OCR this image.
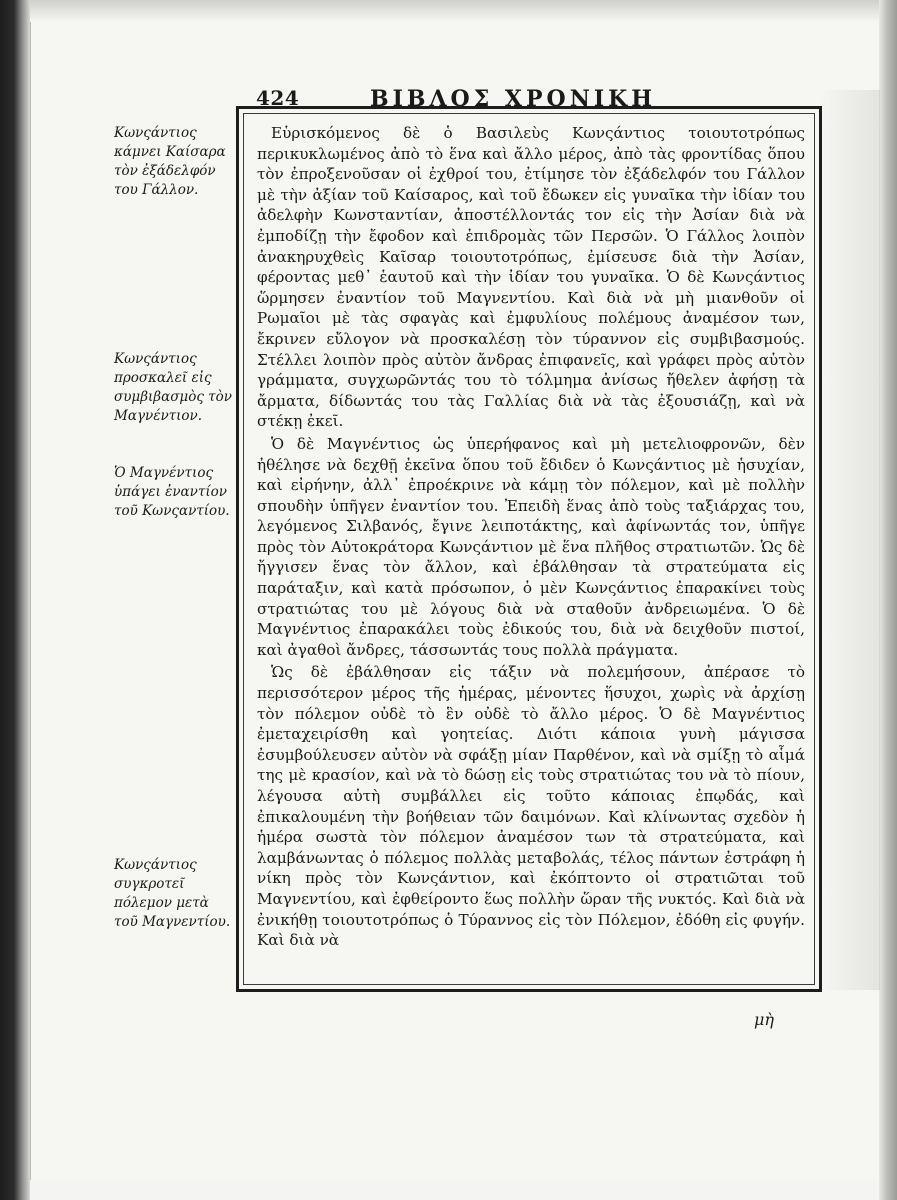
424	ΒΙΒΛΟΣ ΧΡΟΝΙΚΗ

Κωνςάντιος κάμνει Καίσαρα τὸν ἐξάδελφόν του Γάλλον.

Κωνςάντιος προσκαλεῖ εἰς συμβιβασμὸς τὸν Μαγνέντιον.

Ὁ Μαγνέντιος ὑπάγει ἐναντίον τοῦ Κωνςαντίου.

Κωνςάντιος συγκροτεῖ πόλεμον μετὰ τοῦ Μαγνεντίου.

Εὑρισκόμενος δὲ ὁ Βασιλεὺς Κωνςάντιος τοιουτοτρόπως περικυκλωμένος ἀπὸ τὸ ἕνα καὶ ἄλλο μέρος, ἀπὸ τὰς φροντίδας ὅπου τὸν ἐπροξενοῦσαν οἱ ἐχθροί του, ἐτίμησε τὸν ἐξάδελφόν του Γάλλον μὲ τὴν ἀξίαν τοῦ Καίσαρος, καὶ τοῦ ἔδωκεν εἰς γυναῖκα τὴν ἰδίαν του ἀδελφὴν Κωνσταντίαν, ἀποστέλλοντάς τον εἰς τὴν Ἀσίαν διὰ νὰ ἐμποδίζῃ τὴν ἔφοδον καὶ ἐπιδρομὰς τῶν Περσῶν. Ὁ Γάλλος λοιπὸν ἀνακηρυχθεὶς Καῖσαρ τοιουτοτρόπως, ἐμίσευσε διὰ τὴν Ἀσίαν, φέροντας μεθ᾽ ἑαυτοῦ καὶ τὴν ἰδίαν του γυναῖκα. Ὁ δὲ Κωνςάντιος ὥρμησεν ἐναντίον τοῦ Μαγνεντίου. Καὶ διὰ νὰ μὴ μιανθοῦν οἱ Ρωμαῖοι μὲ τὰς σφαγὰς καὶ ἐμφυλίους πολέμους ἀναμέσον των, ἔκρινεν εὔλογον νὰ προσκαλέσῃ τὸν τύραννον εἰς συμβιβασμούς. Στέλλει λοιπὸν πρὸς αὐτὸν ἄνδρας ἐπιφανεῖς, καὶ γράφει πρὸς αὐτὸν γράμματα, συγχωρῶντάς του τὸ τόλμημα ἀνίσως ἤθελεν ἀφήσῃ τὰ ἄρματα, δίδωντάς του τὰς Γαλλίας διὰ νὰ τὰς ἐξουσιάζῃ, καὶ νὰ στέκῃ ἐκεῖ.

Ὁ δὲ Μαγνέντιος ὡς ὑπερήφανος καὶ μὴ μετελιοφρονῶν, δὲν ἠθέλησε νὰ δεχθῇ ἐκεῖνα ὅπου τοῦ ἔδιδεν ὁ Κωνςάντιος μὲ ἡσυχίαν, καὶ εἰρήνην, ἀλλ᾽ ἐπροέκρινε νὰ κάμῃ τὸν πόλεμον, καὶ μὲ πολλὴν σπουδὴν ὑπῆγεν ἐναντίον του. Ἐπειδὴ ἕνας ἀπὸ τοὺς ταξιάρχας του, λεγόμενος Σιλβανός, ἔγινε λειποτάκτης, καὶ ἀφίνωντάς τον, ὑπῆγε πρὸς τὸν Αὐτοκράτορα Κωνςάντιον μὲ ἕνα πλῆθος στρατιωτῶν. Ὡς δὲ ἤγγισεν ἕνας τὸν ἄλλον, καὶ ἐβάλθησαν τὰ στρατεύματα εἰς παράταξιν, καὶ κατὰ πρόσωπον, ὁ μὲν Κωνςάντιος ἐπαρακίνει τοὺς στρατιώτας του μὲ λόγους διὰ νὰ σταθοῦν ἀνδρειωμένα. Ὁ δὲ Μαγνέντιος ἐπαρακάλει τοὺς ἐδικούς του, διὰ νὰ δειχθοῦν πιστοί, καὶ ἀγαθοὶ ἄνδρες, τάσσωντάς τους πολλὰ πράγματα.

Ὡς δὲ ἐβάλθησαν εἰς τάξιν νὰ πολεμήσουν, ἀπέρασε τὸ περισσότερον μέρος τῆς ἡμέρας, μένοντες ἥσυχοι, χωρὶς νὰ ἀρχίσῃ τὸν πόλεμον οὐδὲ τὸ ἓν οὐδὲ τὸ ἄλλο μέρος. Ὁ δὲ Μαγνέντιος ἐμεταχειρίσθη καὶ γοητείας. Διότι κάποια γυνὴ μάγισσα ἐσυμβούλευσεν αὐτὸν νὰ σφάξῃ μίαν Παρθένον, καὶ νὰ σμίξῃ τὸ αἷμά της μὲ κρασίον, καὶ νὰ τὸ δώσῃ εἰς τοὺς στρατιώτας του νὰ τὸ πίουν, λέγουσα αὐτὴ συμβάλλει εἰς τοῦτο κάποιας ἐπῳδάς, καὶ ἐπικαλουμένη τὴν βοήθειαν τῶν δαιμόνων. Καὶ κλίνωντας σχεδὸν ἡ ἡμέρα σωστὰ τὸν πόλεμον ἀναμέσον των τὰ στρατεύματα, καὶ λαμβάνωντας ὁ πόλεμος πολλὰς μεταβολάς, τέλος πάντων ἐστράφη ἡ νίκη πρὸς τὸν Κωνςάντιον, καὶ ἐκόπτοντο οἱ στρατιῶται τοῦ Μαγνεντίου, καὶ ἐφθείροντο ἕως πολλὴν ὥραν τῆς νυκτός. Καὶ διὰ νὰ ἐνικήθῃ τοιουτοτρόπως ὁ Τύραννος εἰς τὸν Πόλεμον, ἐδόθη εἰς φυγήν. Καὶ διὰ νὰ

μὴ
